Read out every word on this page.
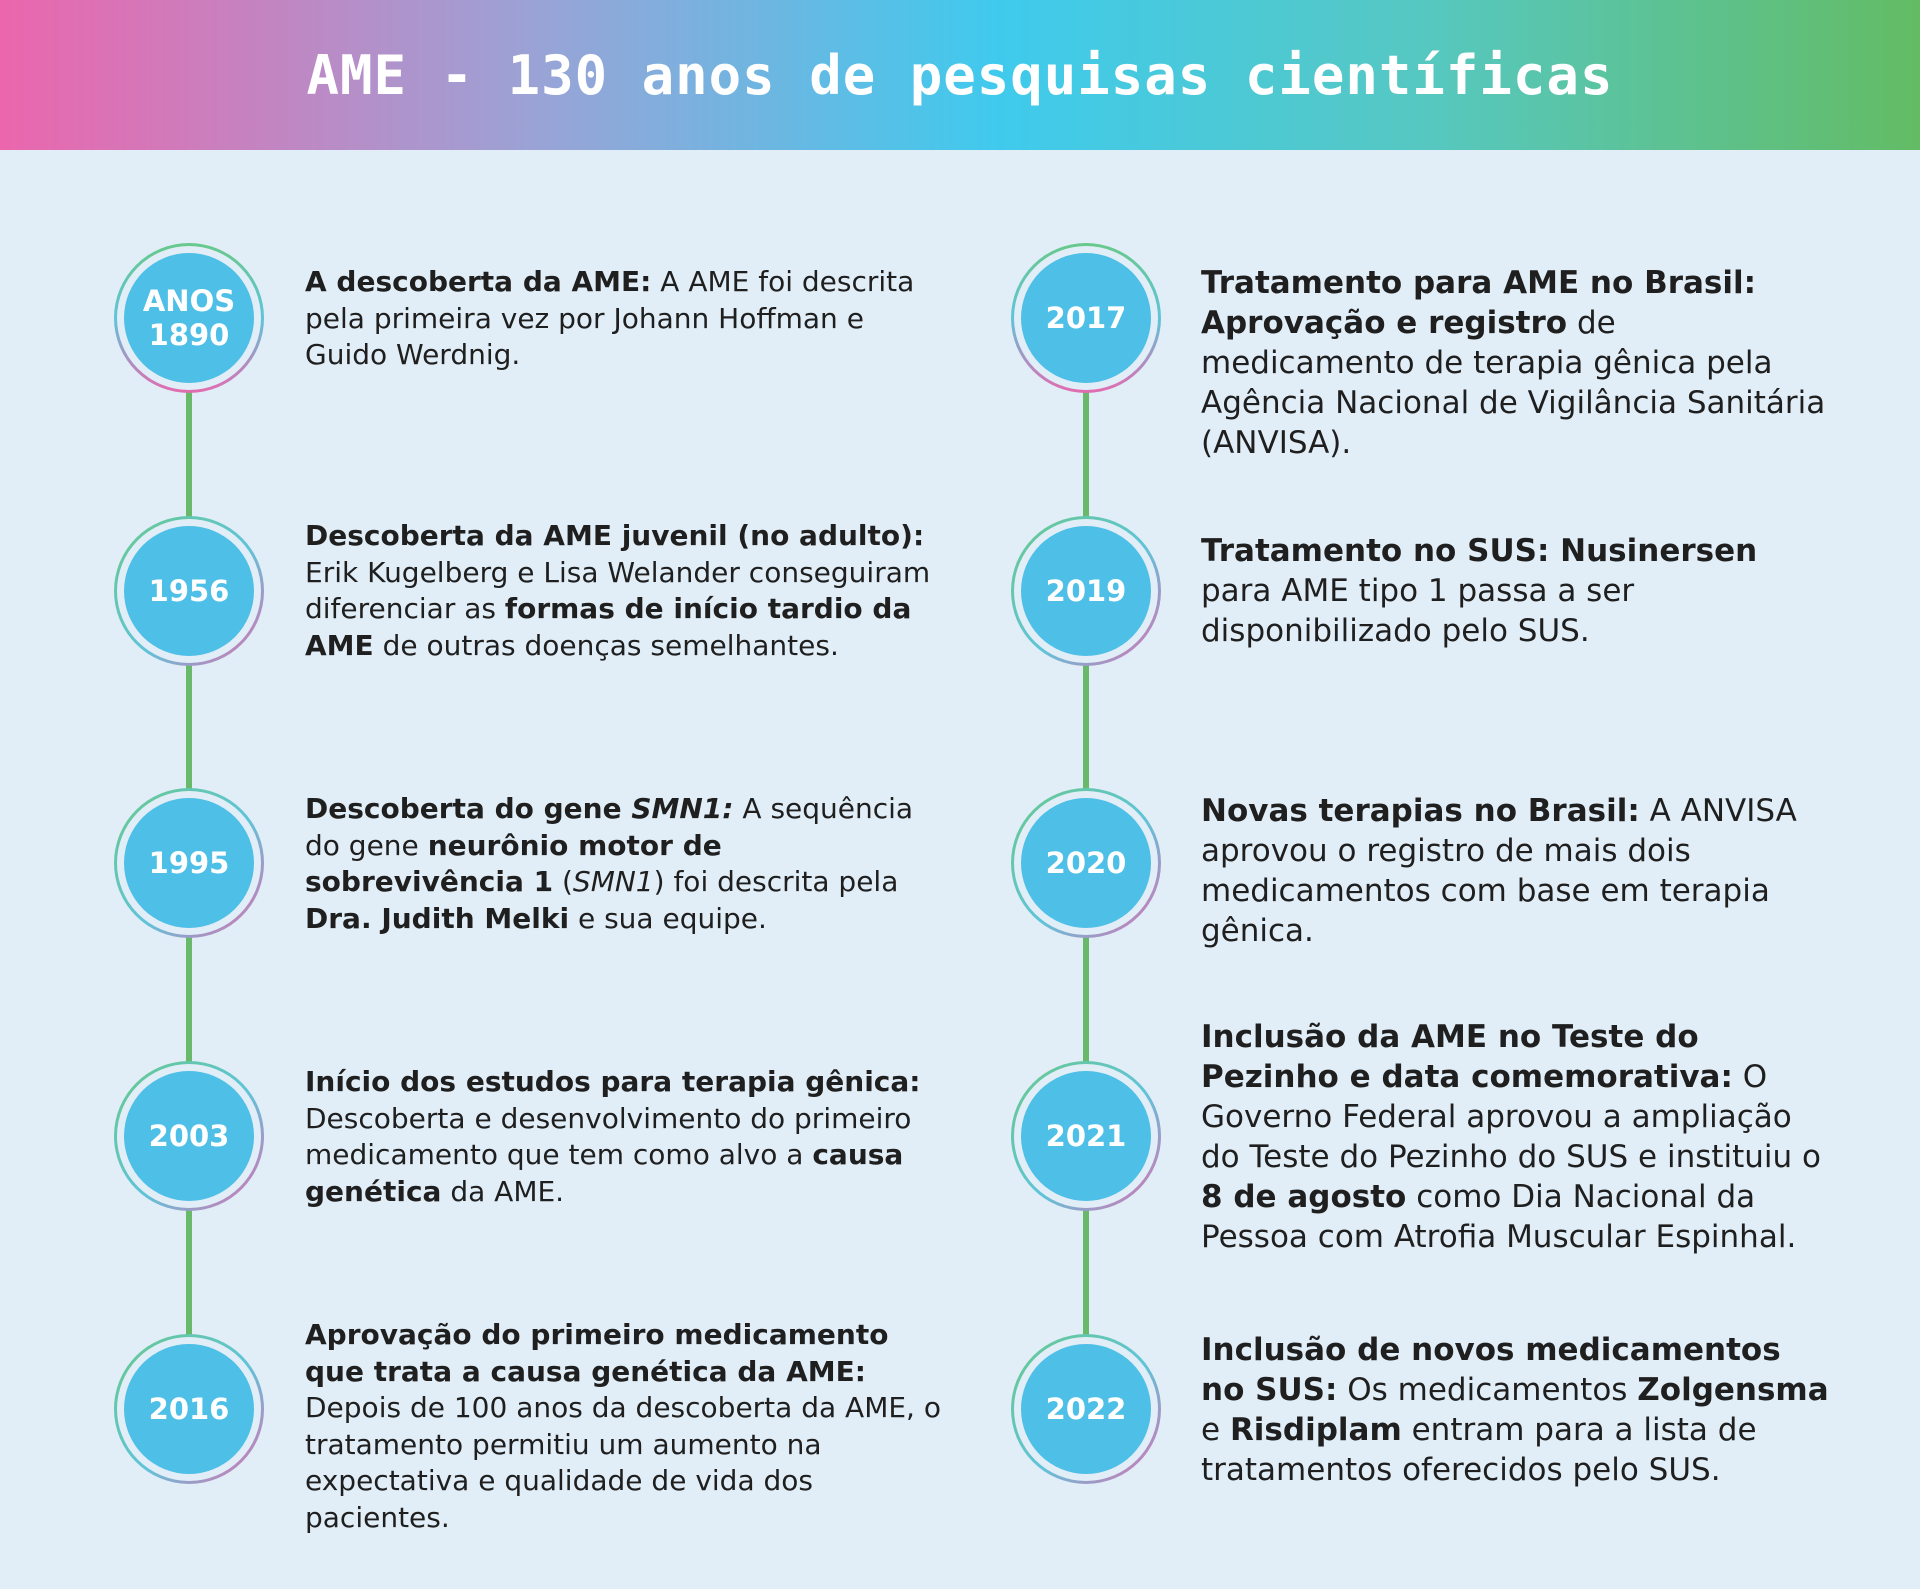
AME - 130 anos de pesquisas científicas
ANOS
1890
A descoberta da AME: A AME foi descrita pela primeira vez por Johann Hoffman e Guido Werdnig.
1956
Descoberta da AME juvenil (no adulto): Erik Kugelberg e Lisa Welander conseguiram diferenciar as formas de início tardio da AME de outras doenças semelhantes.
1995
Descoberta do gene SMN1: A sequência do gene neurônio motor de sobrevivência 1 (SMN1) foi descrita pela Dra. Judith Melki e sua equipe.
2003
Início dos estudos para terapia gênica: Descoberta e desenvolvimento do primeiro medicamento que tem como alvo a causa genética da AME.
2016
Aprovação do primeiro medicamento que trata a causa genética da AME: Depois de 100 anos da descoberta da AME, o tratamento permitiu um aumento na expectativa e qualidade de vida dos pacientes.
2017
Tratamento para AME no Brasil: Aprovação e registro de medicamento de terapia gênica pela Agência Nacional de Vigilância Sanitária (ANVISA).
2019
Tratamento no SUS: Nusinersen para AME tipo 1 passa a ser disponibilizado pelo SUS.
2020
Novas terapias no Brasil: A ANVISA aprovou o registro de mais dois medicamentos com base em terapia gênica.
2021
Inclusão da AME no Teste do Pezinho e data comemorativa: O Governo Federal aprovou a ampliação do Teste do Pezinho do SUS e instituiu o 8 de agosto como Dia Nacional da Pessoa com Atrofia Muscular Espinhal.
2022
Inclusão de novos medicamentos no SUS: Os medicamentos Zolgensma e Risdiplam entram para a lista de tratamentos oferecidos pelo SUS.
